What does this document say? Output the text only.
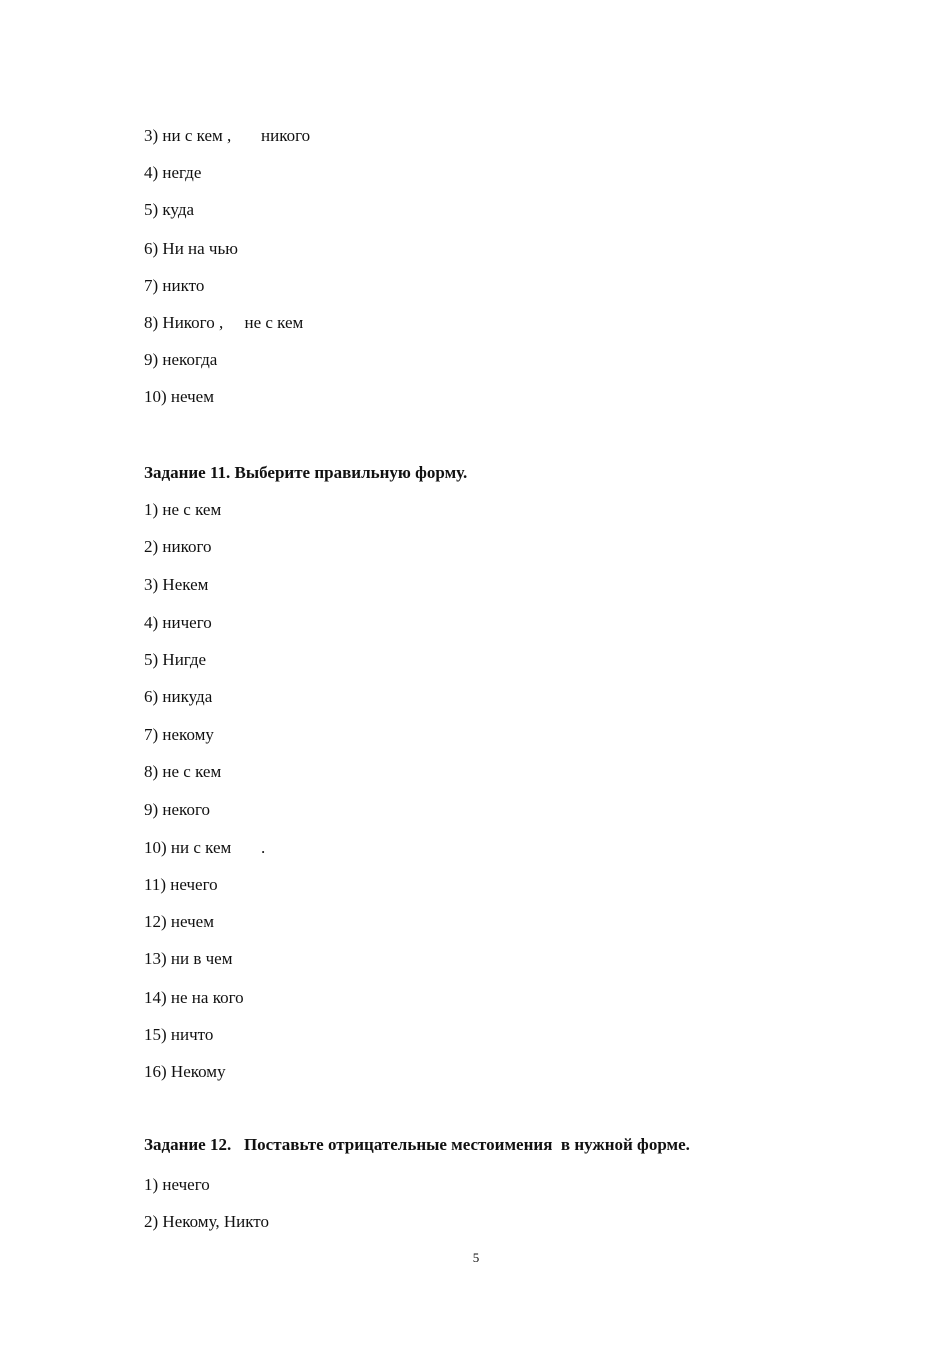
3) ни с кем ,       никого
4) негде
5) куда
6) Ни на чью
7) никто
8) Никого ,     не с кем
9) некогда
10) нечем
Задание 11. Выберите правильную форму.
1) не с кем
2) никого
3) Некем
4) ничего
5) Нигде
6) никуда
7) некому
8) не с кем
9) некого
10) ни с кем       .
11) нечего
12) нечем
13) ни в чем
14) не на кого
15) ничто
16) Некому
Задание 12.   Поставьте отрицательные местоимения  в нужной форме.
1) нечего
2) Некому, Никто
5
